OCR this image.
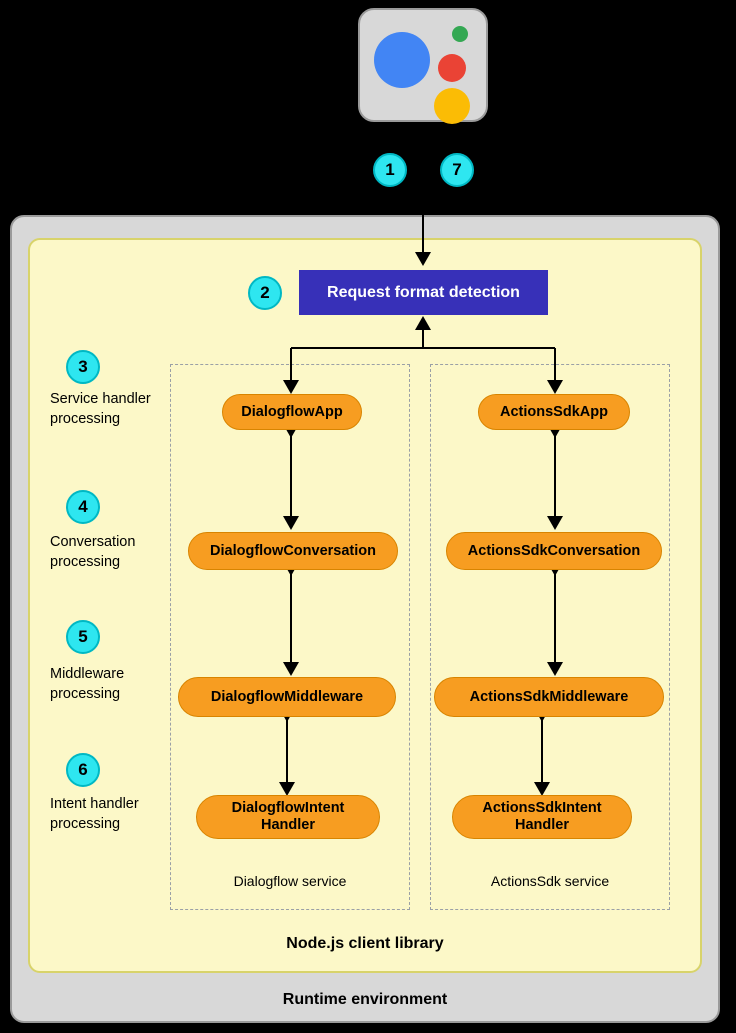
Runtime environment
Node.js client library
Dialogflow service	ActionsSdk service
1	7
2
3
4
5
6
Request format detection
Service handler processing
Conversation processing
Middleware processing
Intent handler processing
DialogflowApp
DialogflowConversation
DialogflowMiddleware
DialogflowIntent Handler
ActionsSdkApp
ActionsSdkConversation
ActionsSdkMiddleware
ActionsSdkIntent Handler
